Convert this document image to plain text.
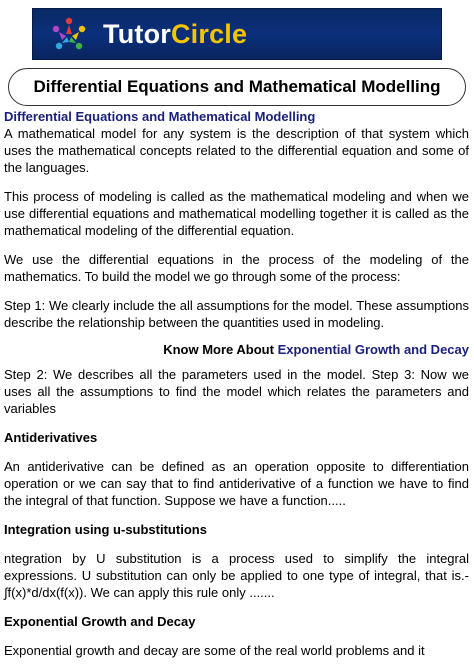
TutorCircle
Differential Equations and Mathematical Modelling

Differential Equations and Mathematical Modelling

A mathematical model for any system is the description of that system which uses the mathematical concepts related to the differential equation and some of the languages.

This process of modeling is called as the mathematical modeling and when we use differential equations and mathematical modelling together it is called as the mathematical modeling of the differential equation.

We use the differential equations in the process of the modeling of the mathematics. To build the model we go through some of the process:

Step 1: We clearly include the all assumptions for the model. These assumptions describe the relationship between the quantities used in modeling.

Know More About Exponential Growth and Decay

Step 2: We describes all the parameters used in the model. Step 3: Now we uses all the assumptions to find the model which relates the parameters and variables

Antiderivatives

An antiderivative can be defined as an operation opposite to differentiation operation or we can say that to find antiderivative of a function we have to find the integral of that function. Suppose we have a function.....

Integration using u-substitutions

ntegration by U substitution is a process used to simplify the integral expressions. U substitution can only be applied to one type of integral, that is.-∫f(x)*d/dx(f(x)). We can apply this rule only .......

Exponential Growth and Decay

Exponential growth and decay are some of the real world problems and it
